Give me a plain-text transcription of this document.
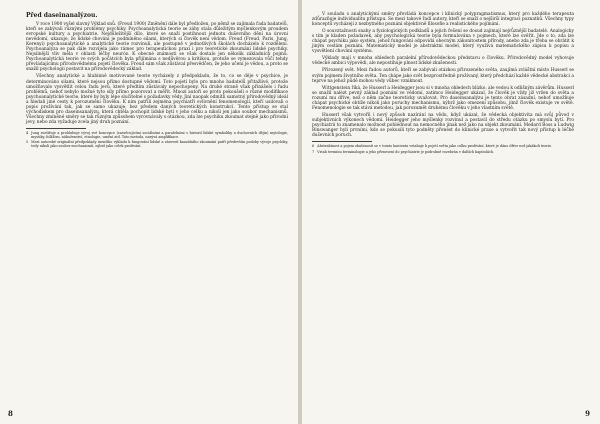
Před daseinanalýzou.

V roce 1900 vyšel slavný Výklad snů. (Freud 1900) Změnění dále byl předložen, po němž se zajímala řada badatelů, kteří se zabývali různými problémy psychiky. Psychoanalytická teorie se záhy stala důležitým myšlenkovým proudem evropské kultury a psychiatrie. Nejdůležitější dílo, které se snaží postihnout jednotu duševního dění na úrovni nevědomí, ukazuje, že lidské chování je podmíněno silami, kterých si člověk není vědom. Freud (Freud, Paris, Jung, Kerenyi) psychoanalytické a analytické teorie rozvinuli, ale postupně v jednotlivých školách docházelo k rozdělení. Psychoanalýza se pak dále rozvíjela jako rámec pro terapeutickou praxi i pro teoretické zkoumání lidské psychiky. Nejsilnější vliv měla v oblasti léčby neuróz. K obecné známosti se však dostalo jen několik základních pojmů. Psychoanalytická teorie ve svých počátcích byla přijímána s nedůvěrou a kritikou, protože se vymezovala vůči tehdy převládajícímu přírodovědnému pojetí člověka. Freud sám však zůstával přesvědčen, že jeho učení je vědou, a proto se snažil psychologii postavit na přírodovědecký základ.

Všechny analytické a hlubinně motivované teorie vycházely z předpokladu, že to, co se děje v psychice, je determinováno silami, které nejsou přímo dostupné vědomí. Toto pojetí bylo pro mnoho badatelů přitažlivé, protože umožňovalo vysvětlit celou řadu jevů, které předtím zůstávaly nepochopeny. Na druhé straně však přinášelo i řadu problémů, neboť nebylo možné tyto síly přímo pozorovat a měřit. Mnozí autoři se proto pokoušeli o různé modifikace psychoanalytické teorie, které by byly lépe slučitelné s požadavky vědy. Jiní naopak odmítli samotný přírodovědný ideál a hledali jiné cesty k porozumění člověku. K nim patřili zejména psychiatři ovlivnění fenomenologií, kteří usilovali o popis prožívání tak, jak se samo ukazuje, bez předem daných teoretických konstrukcí. Tento přístup se stal východiskem pro daseinsanalýzu, která chtěla pochopit lidské bytí v jeho celku a nikoli jen jako soubor mechanismů. Všechny zmíněné směry se tak různým způsobem vyrovnávaly s otázkou, zda lze psychiku zkoumat stejně jako přírodní jevy, nebo zda vyžaduje zcela jiný druh poznání.

4 Jung rozšiřuje a prohlubuje vývoj své koncepce (zasvěcujícími sociálními a paralelními s historií lidské symboliky a duchovních dějin) mytologie, mystiky, folklóru, náboženství, etnologie, umění atd. Tato metoda, nazývá amplifikace.
5 Mezi autorské originální předpoklady menšího výkladu k fungování lidské a zároveň kauzálního zkoumání patří především podoby vývoje psychiky, tedy nikoli jako soubor mechanismů, nýbrž jako celek prožívání.
8

V souladu s analytickými směry převládá koncepce i klinický polypragmatismus, který pro každého terapeuta zdůrazňuje individualitu přístupu. Se mezi takové řadí autory, kteří se snaží o nejširší integraci poznatků. Všechny typy konceptů vycházejí z nezbytného poznání objektivně filosofie a realistického pojímání.

O souvztažnosti snahy a fyziologických podkladů a jejich řešení se dosud zajímají nejrůznější badatelé. Analogicky s tím je kladen požadavek, aby psychologická teorie byla formulována v pojmech, které lze ověřit. Jde o to, zda lze chápat psychiku jako systém, jehož fungování odpovídá obecným zákonitostem přírody, anebo zda je třeba se obrátit k jiným cestám poznání. Matematický model je abstraktní model, který využívá matematického zápisu k popisu a vysvětlení chování systému.

Výklady mají v mnoha ohledech paralelní přírodovědeckou představu o člověku. Přírodovědný model vyhovuje vědecké ambici výpovědi, ale nepostihuje plnost lidské zkušenosti.

Přirozený svět. Mezi řadou autorů, kteří se zabývali otázkou přirozeného světa, zaujímá zvláštní místo Husserl se svým pojmem životního světa. Ten chápe jako svět bezprostředně prožívaný, který předchází každé vědecké abstrakci a teprve na jehož půdě mohou vědy vůbec vzniknout.

Wittgenstein říká, že Husserl a Heidegger jsou si v mnoha ohledech blízko, ale vedou k odlišným závěrům. Husserl se snažil nalézt pevný základ poznání ve vědomí, zatímco Heidegger ukázal, že člověk je vždy již vržen do světa a rozumí mu dříve, než o něm začne teoreticky uvažovat. Pro daseinsanalýzu je tento obrat zásadní, neboť umožňuje chápat psychické obtíže nikoli jako poruchy mechanismu, nýbrž jako omezení způsobu, jímž člověk existuje ve světě. Fenomenologie se tak stává metodou, jak porozumět druhému člověku v jeho vlastním světě.

Husserl však vytvořil i nový způsob nazírání na vědu, když ukázal, že vědecká objektivita má svůj původ v subjektivních výkonech vědomí. Heidegger jeho myšlenky rozvinul a postavil do středu otázku po smyslu bytí. Pro psychiatrii to znamenalo možnost pohlédnout na nemocného jinak než jako na objekt zkoumání. Medard Boss a Ludwig Binswanger byli prvními, kdo se pokusili tyto podněty přenést do klinické praxe a vytvořit tak nový přístup k léčbě duševních poruch.

6 Abstraktnost a pojem zkušenosti se v tomto kontextu vztahuje k pojetí světa jako celku prožívání, které je dáno dříve než jakákoli teorie.
7 Vztah termínu terminologie a jeho přenesení do psychiatrie je podrobně rozebrán v dalších kapitolách.
9
